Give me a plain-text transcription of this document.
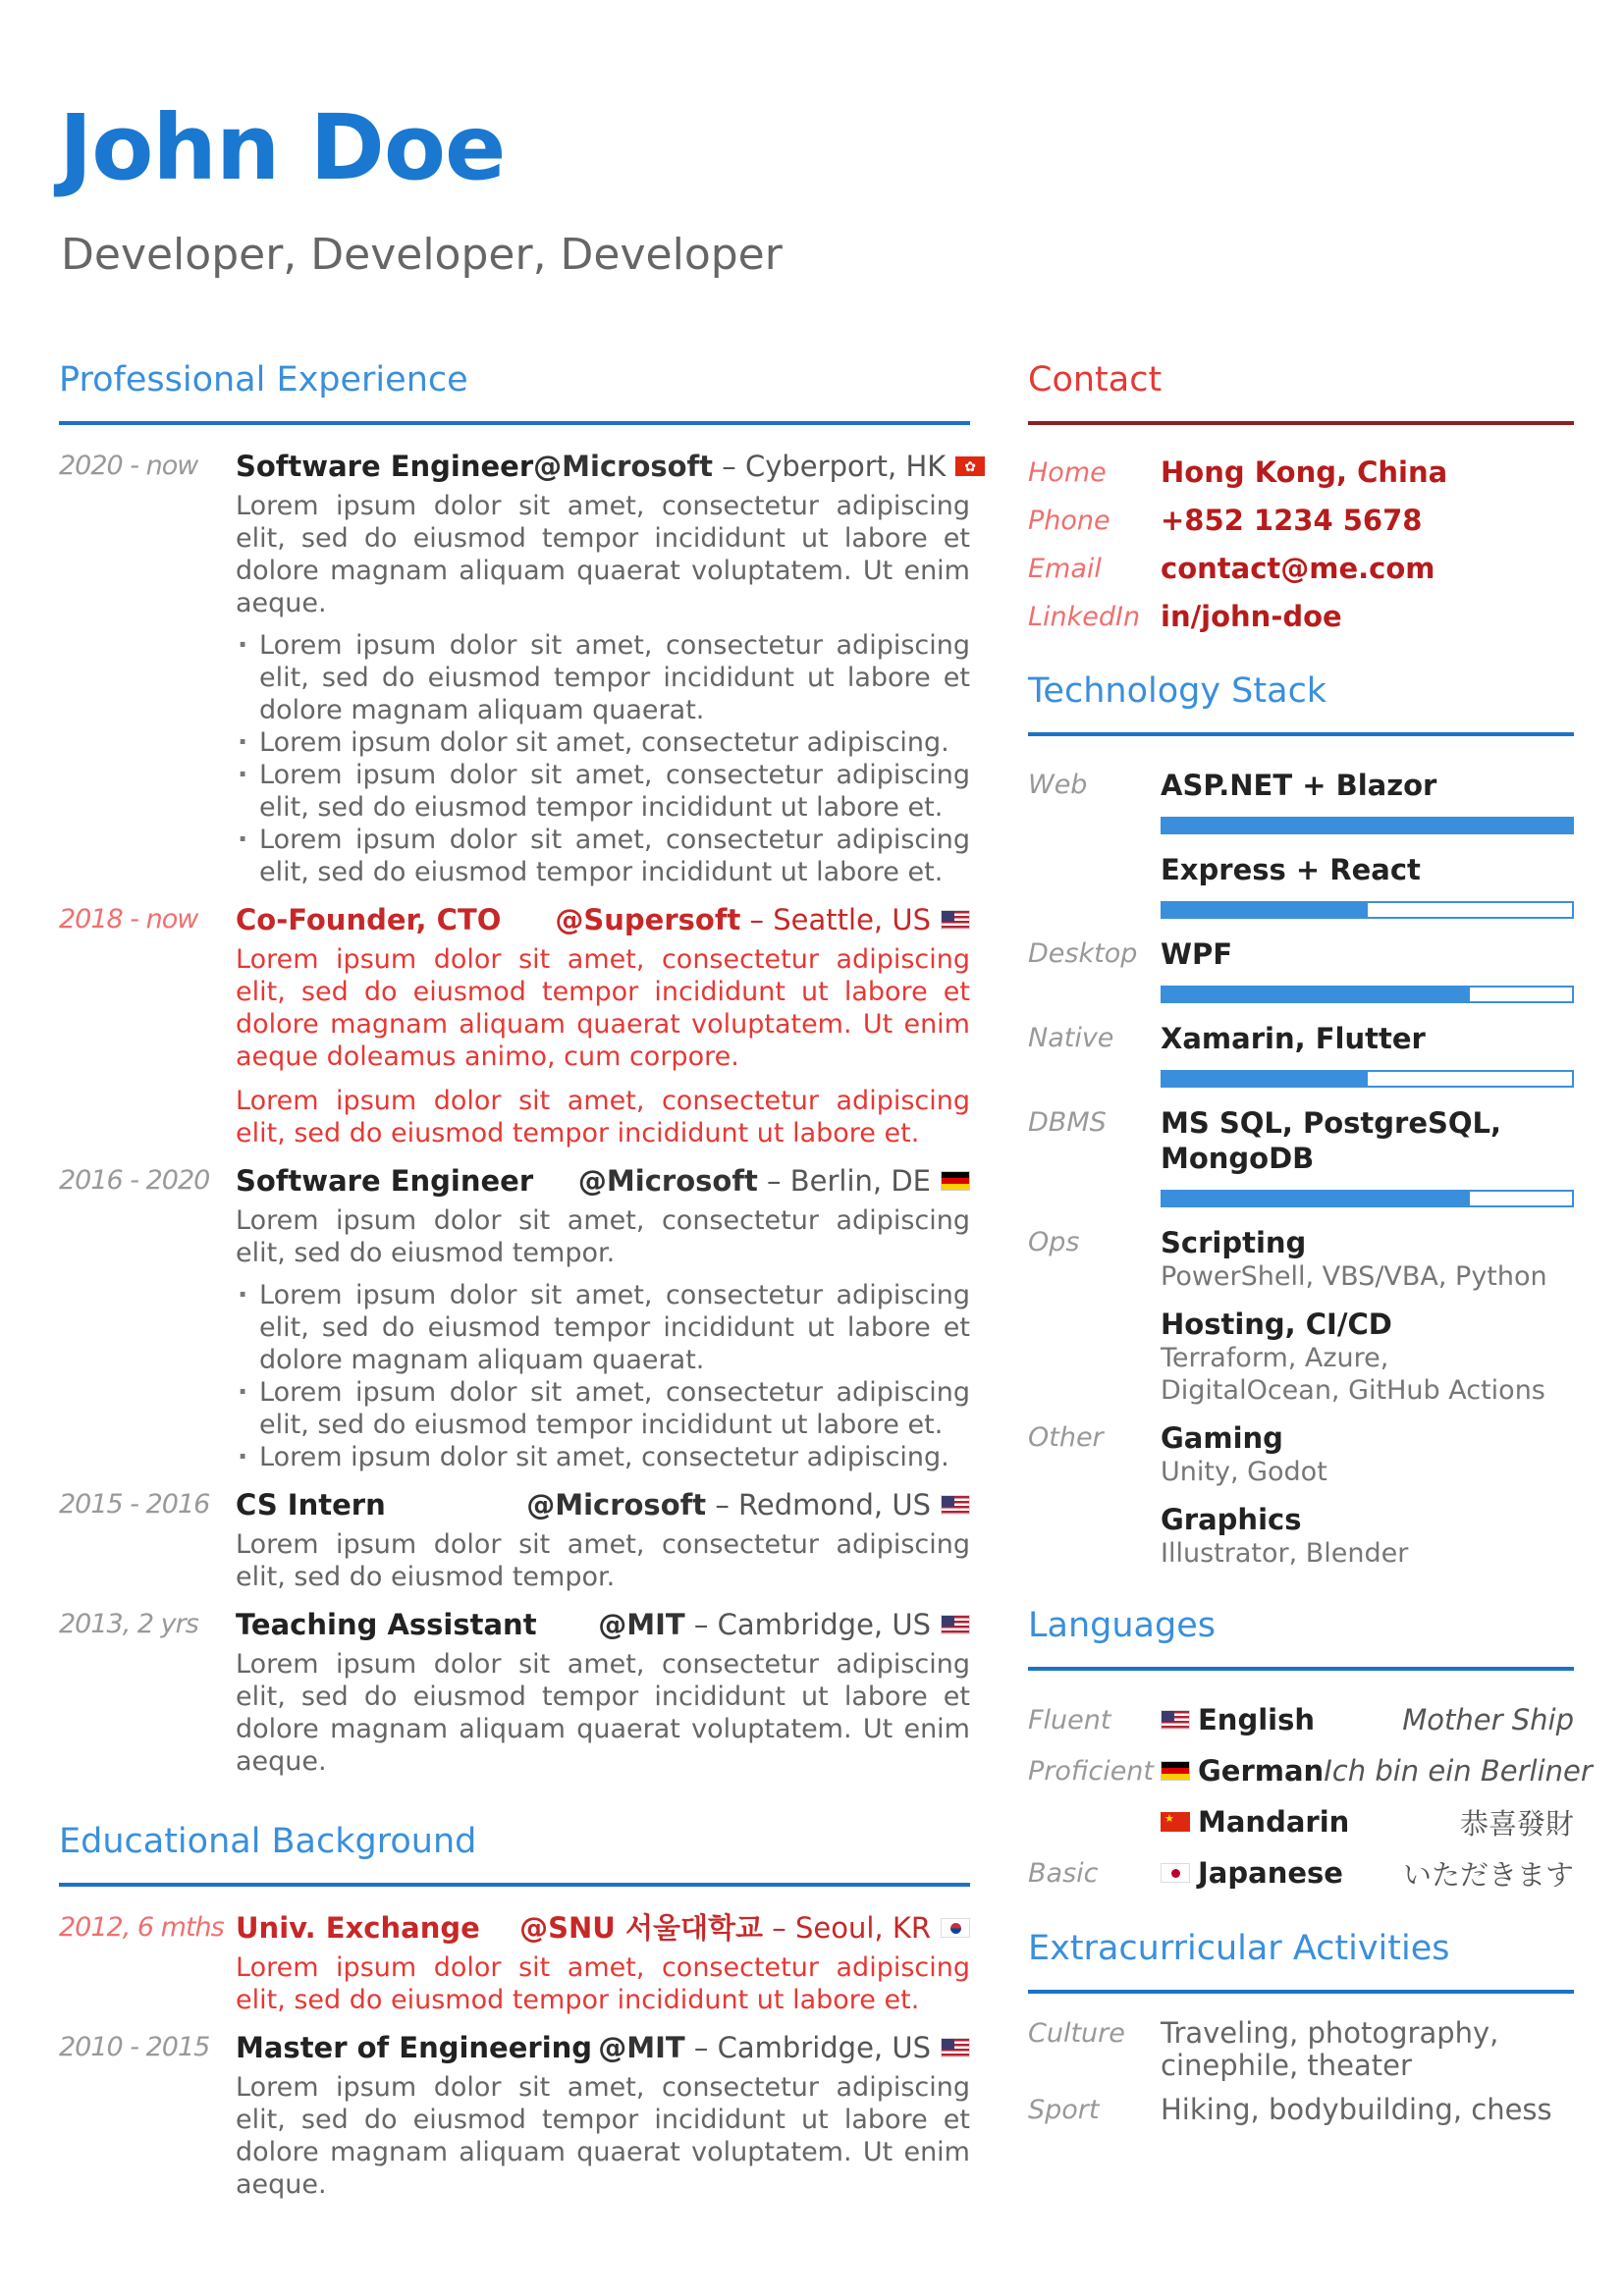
John Doe
Developer, Developer, Developer
Professional Experience
2020 - now	Software Engineer @Microsoft – Cyberport, HK
✿

Lorem ipsum dolor sit amet, consectetur adipiscing elit, sed do eiusmod tempor incididunt ut labore et dolore magnam aliquam quaerat voluptatem. Ut enim aeque.

· Lorem ipsum dolor sit amet, consectetur adipiscing elit, sed do eiusmod tempor incididunt ut labore et dolore magnam aliquam quaerat.
· Lorem ipsum dolor sit amet, consectetur adipiscing.
· Lorem ipsum dolor sit amet, consectetur adipiscing elit, sed do eiusmod tempor incididunt ut labore et.
· Lorem ipsum dolor sit amet, consectetur adipiscing elit, sed do eiusmod tempor incididunt ut labore et.
2018 - now	Co-Founder, CTO @Supersoft – Seattle, US

Lorem ipsum dolor sit amet, consectetur adipiscing elit, sed do eiusmod tempor incididunt ut labore et dolore magnam aliquam quaerat voluptatem. Ut enim aeque doleamus animo, cum corpore.

Lorem ipsum dolor sit amet, consectetur adipiscing elit, sed do eiusmod tempor incididunt ut labore et.

2016 - 2020 Software Engineer @Microsoft – Berlin, DE

Lorem ipsum dolor sit amet, consectetur adipiscing elit, sed do eiusmod tempor.

· Lorem ipsum dolor sit amet, consectetur adipiscing elit, sed do eiusmod tempor incididunt ut labore et dolore magnam aliquam quaerat.
· Lorem ipsum dolor sit amet, consectetur adipiscing elit, sed do eiusmod tempor incididunt ut labore et.
· Lorem ipsum dolor sit amet, consectetur adipiscing.
2015 - 2016 CS Intern	@Microsoft – Redmond, US

Lorem ipsum dolor sit amet, consectetur adipiscing elit, sed do eiusmod tempor.

2013, 2 yrs	Teaching Assistant @MIT – Cambridge, US

Lorem ipsum dolor sit amet, consectetur adipiscing elit, sed do eiusmod tempor incididunt ut labore et dolore magnam aliquam quaerat voluptatem. Ut enim aeque.

Educational Background
2012, 6 mths Univ. Exchange @SNU 서울대학교 – Seoul, KR

Lorem ipsum dolor sit amet, consectetur adipiscing elit, sed do eiusmod tempor incididunt ut labore et.

2010 - 2015 Master of Engineering @MIT – Cambridge, US

Lorem ipsum dolor sit amet, consectetur adipiscing elit, sed do eiusmod tempor incididunt ut labore et dolore magnam aliquam quaerat voluptatem. Ut enim aeque.

Contact
Home	Hong Kong, China
Phone	+852 1234 5678
Email	contact@me.com
LinkedIn in/john-doe
Technology Stack
Web	ASP.NET + Blazor
Express + React
Desktop WPF
Native	Xamarin, Flutter
DBMS	MS SQL, PostgreSQL, MongoDB
Ops	Scripting
PowerShell, VBS/VBA, Python
Hosting, CI/CD
Terraform, Azure, DigitalOcean, GitHub Actions
Other	Gaming
Unity, Godot
Graphics
Illustrator, Blender
Languages
Fluent	English	Mother Ship
Proficient German Ich bin ein Berliner
★
Mandarin	恭喜發財
Basic	Japanese いただきます
Extracurricular Activities
Culture	Traveling, photography, cinephile, theater
Sport	Hiking, bodybuilding, chess
